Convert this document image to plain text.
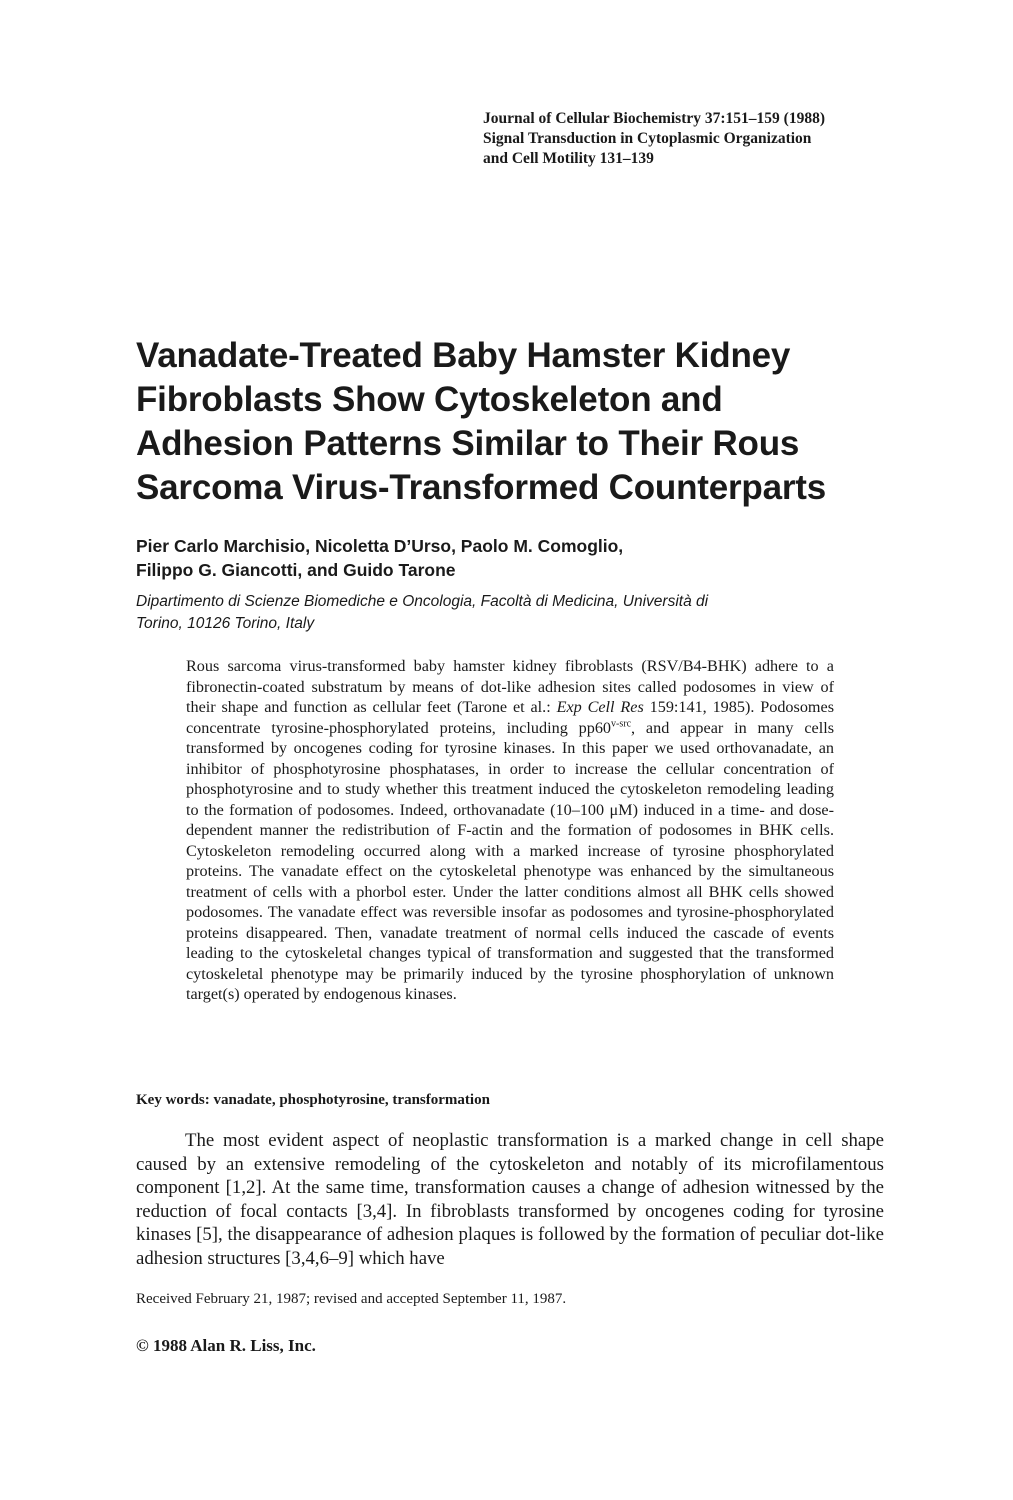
Journal of Cellular Biochemistry 37:151–159 (1988)
Signal Transduction in Cytoplasmic Organization
and Cell Motility 131–139
Vanadate-Treated Baby Hamster Kidney
Fibroblasts Show Cytoskeleton and
Adhesion Patterns Similar to Their Rous
Sarcoma Virus-Transformed Counterparts
Pier Carlo Marchisio, Nicoletta D’Urso, Paolo M. Comoglio,
Filippo G. Giancotti, and Guido Tarone
Dipartimento di Scienze Biomediche e Oncologia, Facoltà di Medicina, Università di
Torino, 10126 Torino, Italy

Rous sarcoma virus-transformed baby hamster kidney fibroblasts (RSV/B4-BHK) adhere to a fibronectin-coated substratum by means of dot-like adhesion sites called podosomes in view of their shape and function as cellular feet (Tarone et al.: Exp Cell Res 159:141, 1985). Podosomes concentrate tyrosine-phosphorylated proteins, including $pp60^{v-src}$, and appear in many cells transformed by oncogenes coding for tyrosine kinases. In this paper we used orthovanadate, an inhibitor of phosphotyrosine phosphatases, in order to increase the cellular concentration of phosphotyrosine and to study whether this treatment induced the cytoskeleton remodeling leading to the formation of podosomes. Indeed, orthovanadate (10–100 μM) induced in a time- and dose-dependent manner the redistribution of F-actin and the formation of podosomes in BHK cells. Cytoskeleton remodeling occurred along with a marked increase of tyrosine phosphorylated proteins. The vanadate effect on the cytoskeletal phenotype was enhanced by the simultaneous treatment of cells with a phorbol ester. Under the latter conditions almost all BHK cells showed podosomes. The vanadate effect was reversible insofar as podosomes and tyrosine-phosphorylated proteins disappeared. Then, vanadate treatment of normal cells induced the cascade of events leading to the cytoskeletal changes typical of transformation and suggested that the transformed cytoskeletal phenotype may be primarily induced by the tyrosine phosphorylation of unknown target(s) operated by endogenous kinases.

Key words: vanadate, phosphotyrosine, transformation

The most evident aspect of neoplastic transformation is a marked change in cell shape caused by an extensive remodeling of the cytoskeleton and notably of its microfilamentous component [1,2]. At the same time, transformation causes a change of adhesion witnessed by the reduction of focal contacts [3,4]. In fibroblasts transformed by oncogenes coding for tyrosine kinases [5], the disappearance of adhesion plaques is followed by the formation of peculiar dot-like adhesion structures [3,4,6–9] which have

Received February 21, 1987; revised and accepted September 11, 1987.
© 1988 Alan R. Liss, Inc.
